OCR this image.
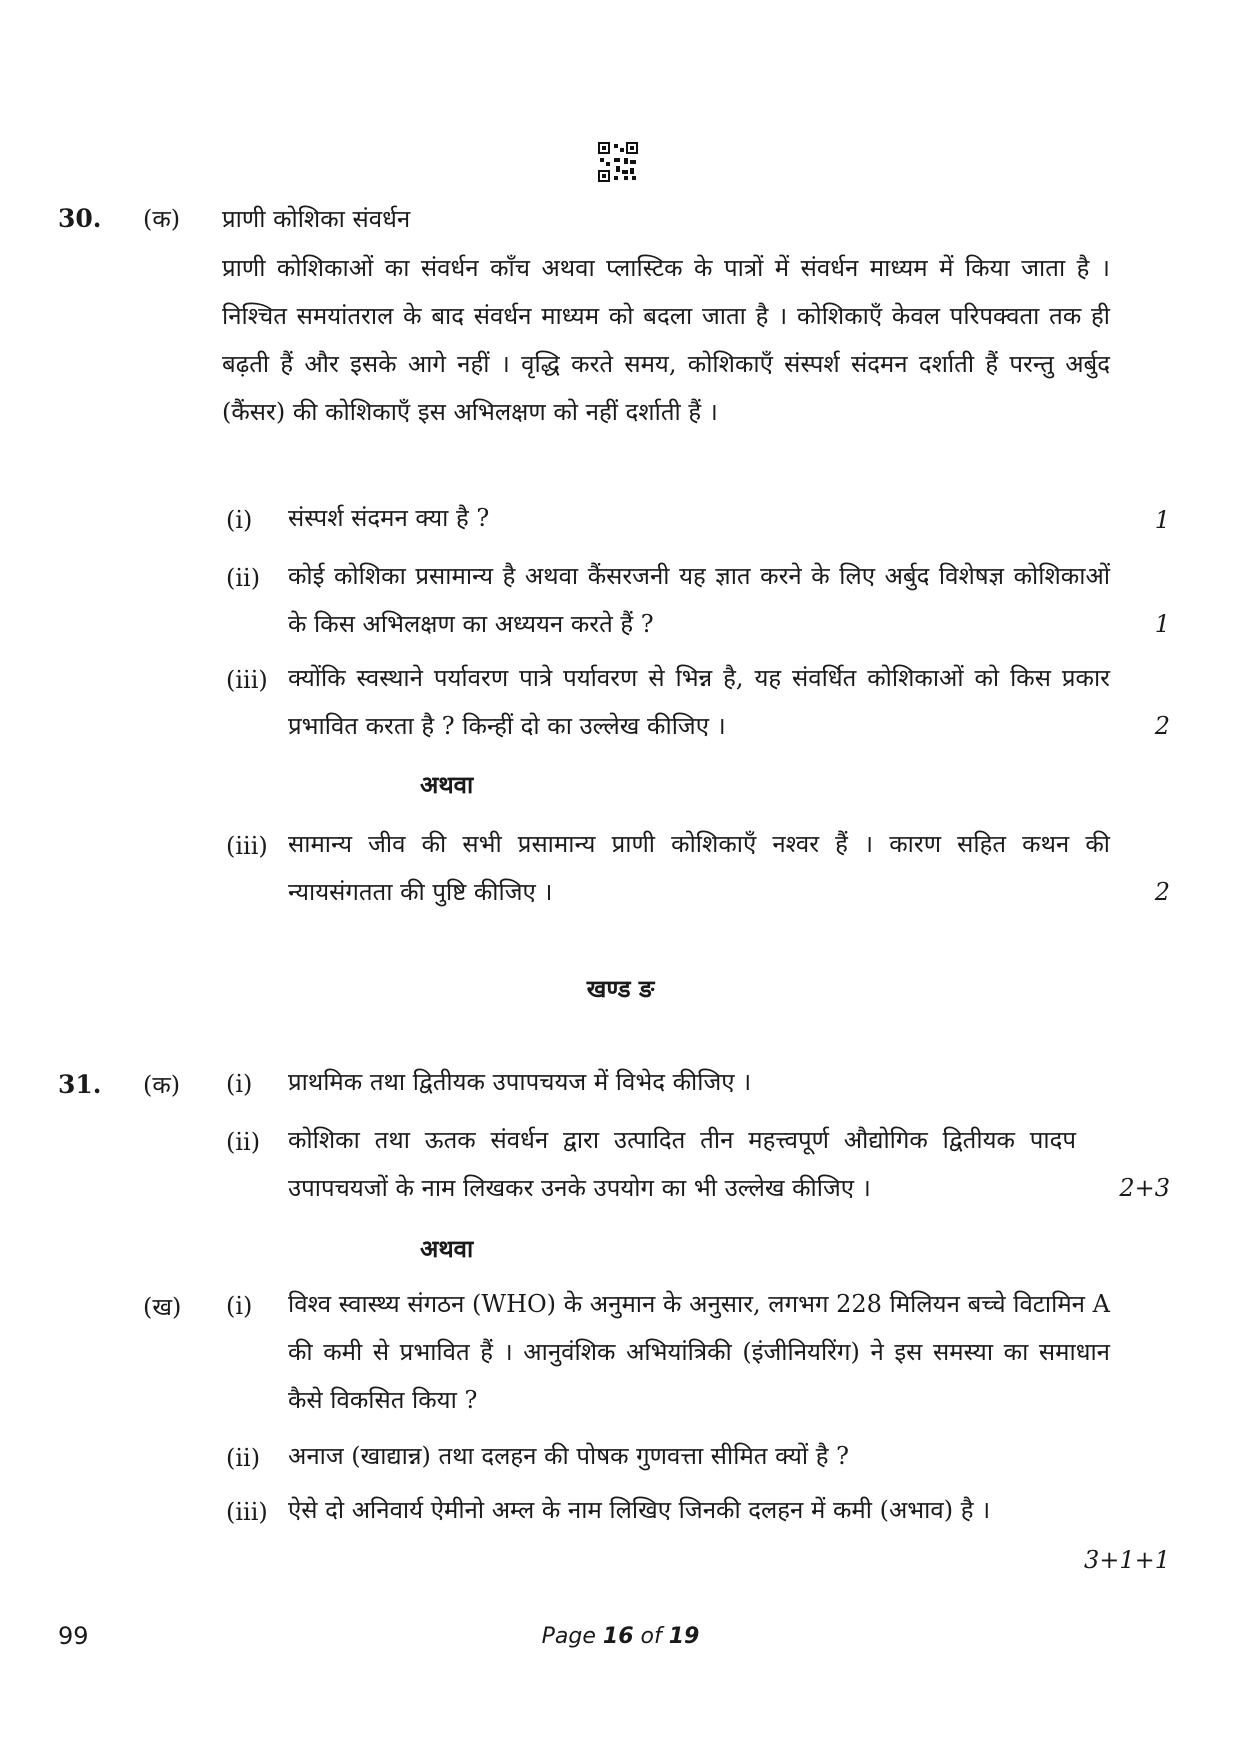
30. (क) प्राणी कोशिका संवर्धन
प्राणी कोशिकाओं का संवर्धन काँच अथवा प्लास्टिक के पात्रों में संवर्धन माध्यम में किया जाता है । निश्चित समयांतराल के बाद संवर्धन माध्यम को बदला जाता है । कोशिकाएँ केवल परिपक्वता तक ही बढ़ती हैं और इसके आगे नहीं । वृद्धि करते समय, कोशिकाएँ संस्पर्श संदमन दर्शाती हैं परन्तु अर्बुद (कैंसर) की कोशिकाएँ इस अभिलक्षण को नहीं दर्शाती हैं ।
(i) संस्पर्श संदमन क्या है ?	1
(ii) कोई कोशिका प्रसामान्य है अथवा कैंसरजनी यह ज्ञात करने के लिए अर्बुद विशेषज्ञ कोशिकाओं के किस अभिलक्षण का अध्ययन करते हैं ?	1
(iii) क्योंकि स्वस्थाने पर्यावरण पात्रे पर्यावरण से भिन्न है, यह संवर्धित कोशिकाओं को किस प्रकार प्रभावित करता है ? किन्हीं दो का उल्लेख कीजिए ।	2
अथवा
(iii) सामान्य जीव की सभी प्रसामान्य प्राणी कोशिकाएँ नश्वर हैं । कारण सहित कथन की न्यायसंगतता की पुष्टि कीजिए ।	2
खण्ड ङ
31. (क) (i) प्राथमिक तथा द्वितीयक उपापचयज में विभेद कीजिए ।
(ii) कोशिका तथा ऊतक संवर्धन द्वारा उत्पादित तीन महत्त्वपूर्ण औद्योगिक द्वितीयक पादप उपापचयजों के नाम लिखकर उनके उपयोग का भी उल्लेख कीजिए ।	2+3
अथवा
(ख) (i) विश्व स्वास्थ्य संगठन (WHO) के अनुमान के अनुसार, लगभग 228 मिलियन बच्चे विटामिन A की कमी से प्रभावित हैं । आनुवंशिक अभियांत्रिकी (इंजीनियरिंग) ने इस समस्या का समाधान कैसे विकसित किया ?
(ii) अनाज (खाद्यान्न) तथा दलहन की पोषक गुणवत्ता सीमित क्यों है ?
(iii) ऐसे दो अनिवार्य ऐमीनो अम्ल के नाम लिखिए जिनकी दलहन में कमी (अभाव) है ।
3+1+1
99	Page 16 of 19
